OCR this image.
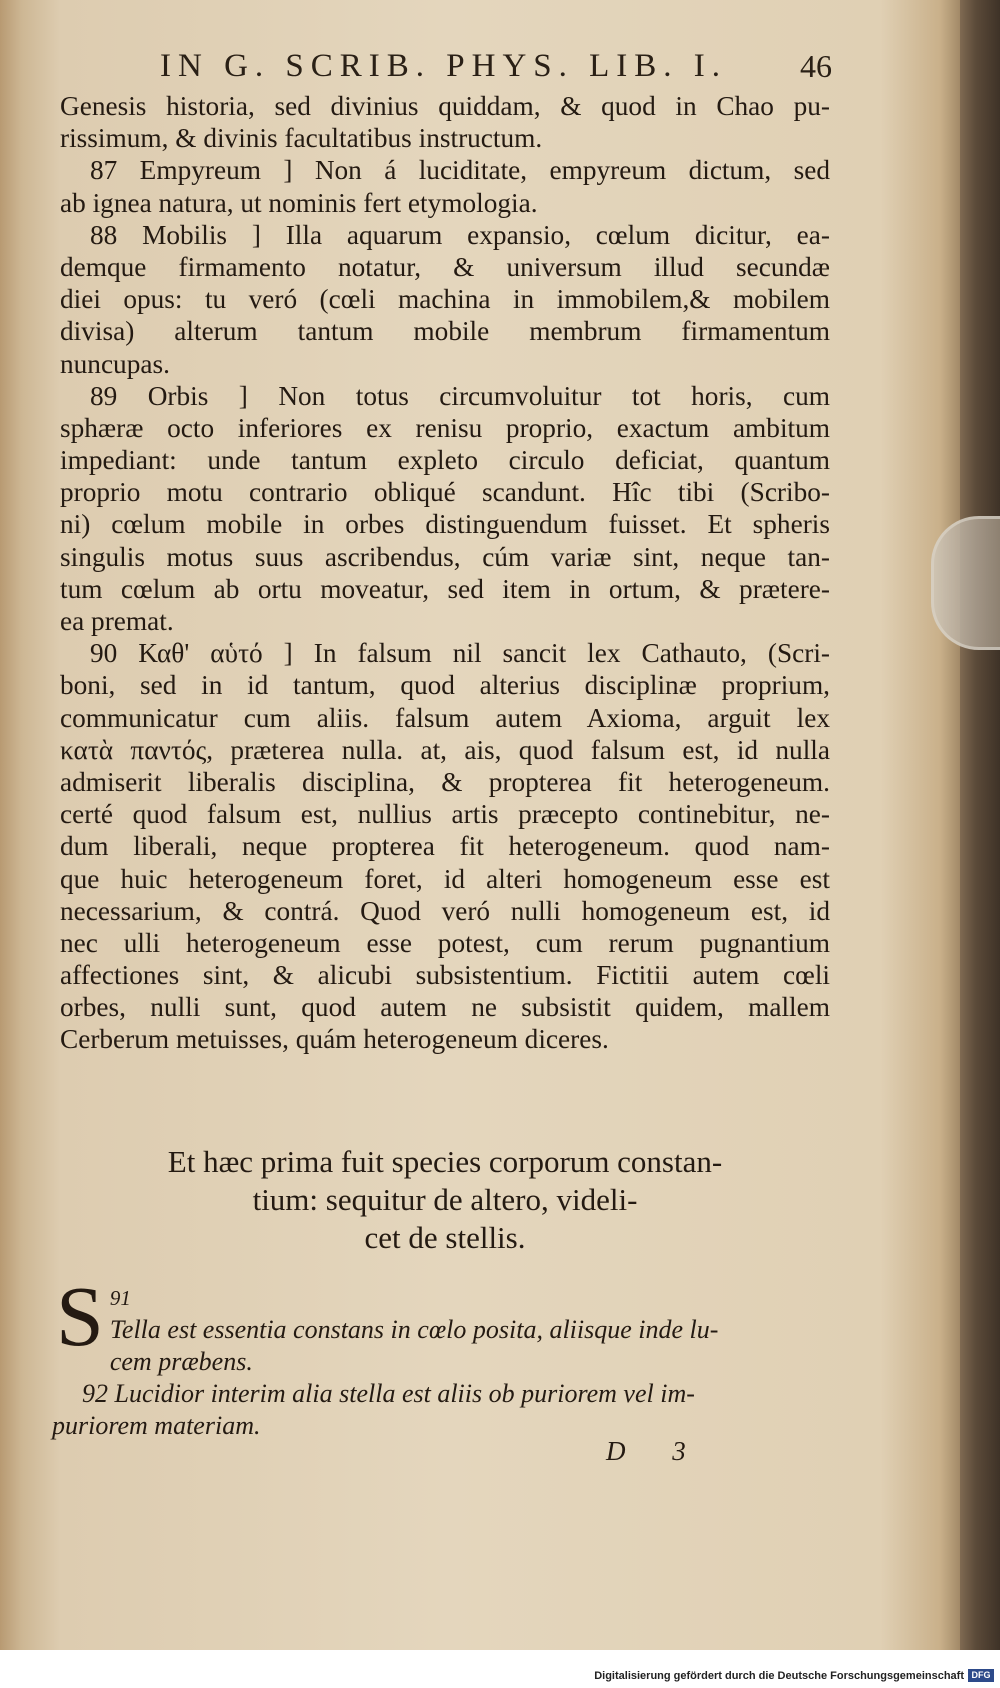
IN G. SCRIB. PHYS. LIB. I. 46
Genesis historia, sed divinius quiddam, & quod in Chao pu-
rissimum, & divinis facultatibus instructum.
87 Empyreum ] Non á luciditate, empyreum dictum, sed
ab ignea natura, ut nominis fert etymologia.
88 Mobilis ] Illa aquarum expansio, cœlum dicitur, ea-
demque firmamento notatur, & universum illud secundæ
diei opus: tu veró (cœli machina in immobilem,& mobilem
divisa) alterum tantum mobile membrum firmamentum
nuncupas.
89 Orbis ] Non totus circumvoluitur tot horis, cum
sphæræ octo inferiores ex renisu proprio, exactum ambitum
impediant: unde tantum expleto circulo deficiat, quantum
proprio motu contrario obliqué scandunt. Hîc tibi (Scribo-
ni) cœlum mobile in orbes distinguendum fuisset. Et spheris
singulis motus suus ascribendus, cúm variæ sint, neque tan-
tum cœlum ab ortu moveatur, sed item in ortum, & prætere-
ea premat.
90 Καθ' αὑτό ] In falsum nil sancit lex Cathauto, (Scri-
boni, sed in id tantum, quod alterius disciplinæ proprium,
communicatur cum aliis. falsum autem Axioma, arguit lex
κατὰ παντός, præterea nulla. at, ais, quod falsum est, id nulla
admiserit liberalis disciplina, & propterea fit heterogeneum.
certé quod falsum est, nullius artis præcepto continebitur, ne-
dum liberali, neque propterea fit heterogeneum. quod nam-
que huic heterogeneum foret, id alteri homogeneum esse est
necessarium, & contrá. Quod veró nulli homogeneum est, id
nec ulli heterogeneum esse potest, cum rerum pugnantium
affectiones sint, & alicubi subsistentium. Fictitii autem cœli
orbes, nulli sunt, quod autem ne subsistit quidem, mallem
Cerberum metuisses, quám heterogeneum diceres.
Et hæc prima fuit species corporum constan-
tium: sequitur de altero, videli-
cet de stellis.
$^{91}$
S Tella est essentia constans in cœlo posita, aliisque inde lu-
cem præbens.
92 Lucidior interim alia stella est aliis ob puriorem vel im-
puriorem materiam.
D 3
Digitalisierung gefördert durch die Deutsche Forschungsgemeinschaft DFG
